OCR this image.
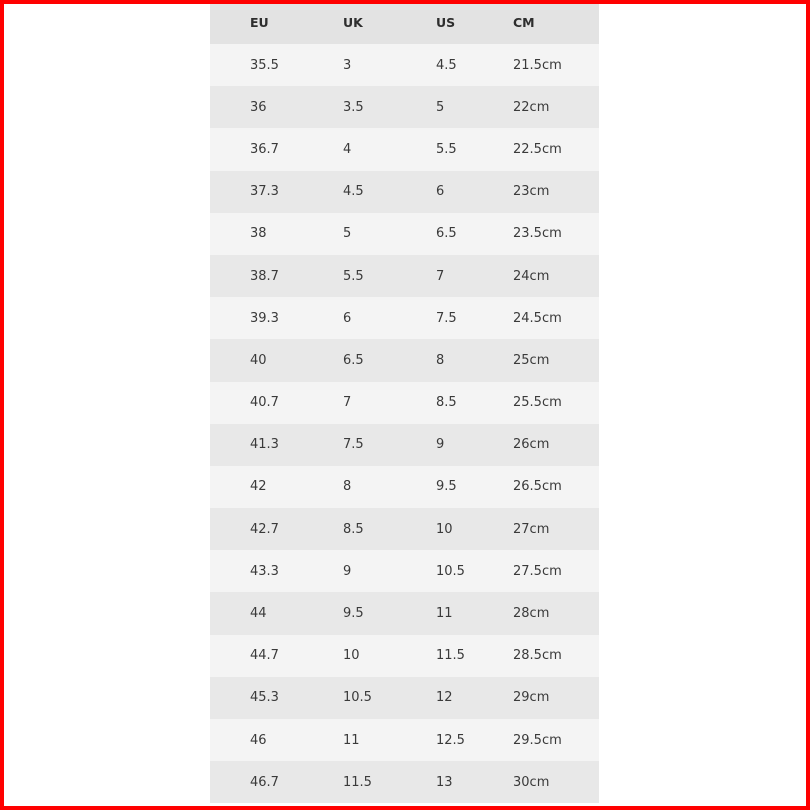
EU	UK	US	CM
35.5	3	4.5	21.5cm
36	3.5	5	22cm
36.7	4	5.5	22.5cm
37.3	4.5	6	23cm
38	5	6.5	23.5cm
38.7	5.5	7	24cm
39.3	6	7.5	24.5cm
40	6.5	8	25cm
40.7	7	8.5	25.5cm
41.3	7.5	9	26cm
42	8	9.5	26.5cm
42.7	8.5	10	27cm
43.3	9	10.5	27.5cm
44	9.5	11	28cm
44.7	10	11.5	28.5cm
45.3	10.5	12	29cm
46	11	12.5	29.5cm
46.7	11.5	13	30cm
